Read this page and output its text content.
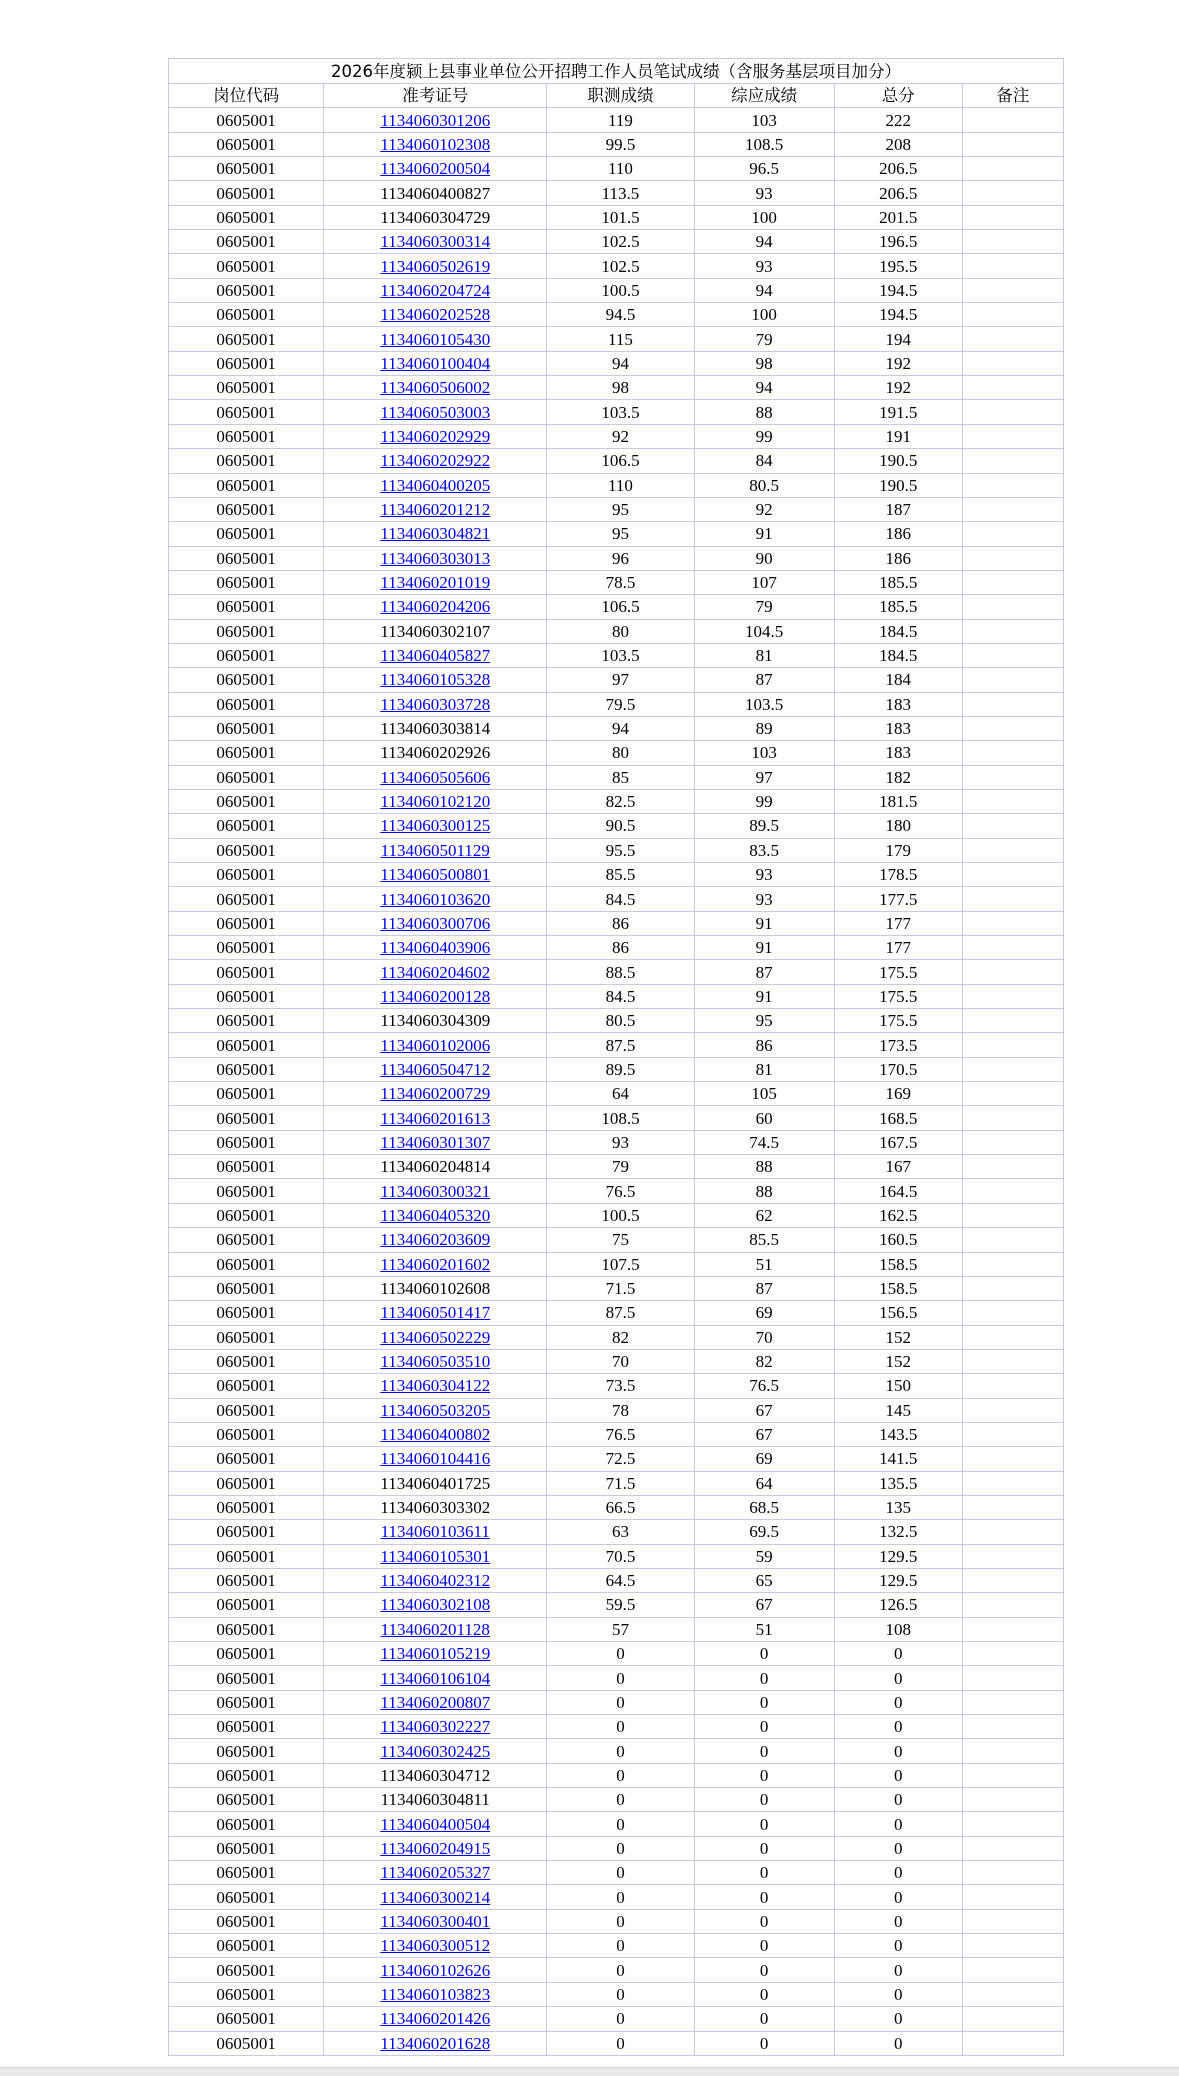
2026年度颍上县事业单位公开招聘工作人员笔试成绩（含服务基层项目加分）					
岗位代码	准考证号	职测成绩	综应成绩	总分	备注
0605001	1134060301206	119	103	222	
0605001	1134060102308	99.5	108.5	208	
0605001	1134060200504	110	96.5	206.5	
0605001	1134060400827	113.5	93	206.5	
0605001	1134060304729	101.5	100	201.5	
0605001	1134060300314	102.5	94	196.5	
0605001	1134060502619	102.5	93	195.5	
0605001	1134060204724	100.5	94	194.5	
0605001	1134060202528	94.5	100	194.5	
0605001	1134060105430	115	79	194	
0605001	1134060100404	94	98	192	
0605001	1134060506002	98	94	192	
0605001	1134060503003	103.5	88	191.5	
0605001	1134060202929	92	99	191	
0605001	1134060202922	106.5	84	190.5	
0605001	1134060400205	110	80.5	190.5	
0605001	1134060201212	95	92	187	
0605001	1134060304821	95	91	186	
0605001	1134060303013	96	90	186	
0605001	1134060201019	78.5	107	185.5	
0605001	1134060204206	106.5	79	185.5	
0605001	1134060302107	80	104.5	184.5	
0605001	1134060405827	103.5	81	184.5	
0605001	1134060105328	97	87	184	
0605001	1134060303728	79.5	103.5	183	
0605001	1134060303814	94	89	183	
0605001	1134060202926	80	103	183	
0605001	1134060505606	85	97	182	
0605001	1134060102120	82.5	99	181.5	
0605001	1134060300125	90.5	89.5	180	
0605001	1134060501129	95.5	83.5	179	
0605001	1134060500801	85.5	93	178.5	
0605001	1134060103620	84.5	93	177.5	
0605001	1134060300706	86	91	177	
0605001	1134060403906	86	91	177	
0605001	1134060204602	88.5	87	175.5	
0605001	1134060200128	84.5	91	175.5	
0605001	1134060304309	80.5	95	175.5	
0605001	1134060102006	87.5	86	173.5	
0605001	1134060504712	89.5	81	170.5	
0605001	1134060200729	64	105	169	
0605001	1134060201613	108.5	60	168.5	
0605001	1134060301307	93	74.5	167.5	
0605001	1134060204814	79	88	167	
0605001	1134060300321	76.5	88	164.5	
0605001	1134060405320	100.5	62	162.5	
0605001	1134060203609	75	85.5	160.5	
0605001	1134060201602	107.5	51	158.5	
0605001	1134060102608	71.5	87	158.5	
0605001	1134060501417	87.5	69	156.5	
0605001	1134060502229	82	70	152	
0605001	1134060503510	70	82	152	
0605001	1134060304122	73.5	76.5	150	
0605001	1134060503205	78	67	145	
0605001	1134060400802	76.5	67	143.5	
0605001	1134060104416	72.5	69	141.5	
0605001	1134060401725	71.5	64	135.5	
0605001	1134060303302	66.5	68.5	135	
0605001	1134060103611	63	69.5	132.5	
0605001	1134060105301	70.5	59	129.5	
0605001	1134060402312	64.5	65	129.5	
0605001	1134060302108	59.5	67	126.5	
0605001	1134060201128	57	51	108	
0605001	1134060105219	0	0	0	
0605001	1134060106104	0	0	0	
0605001	1134060200807	0	0	0	
0605001	1134060302227	0	0	0	
0605001	1134060302425	0	0	0	
0605001	1134060304712	0	0	0	
0605001	1134060304811	0	0	0	
0605001	1134060400504	0	0	0	
0605001	1134060204915	0	0	0	
0605001	1134060205327	0	0	0	
0605001	1134060300214	0	0	0	
0605001	1134060300401	0	0	0	
0605001	1134060300512	0	0	0	
0605001	1134060102626	0	0	0	
0605001	1134060103823	0	0	0	
0605001	1134060201426	0	0	0	
0605001	1134060201628	0	0	0	
